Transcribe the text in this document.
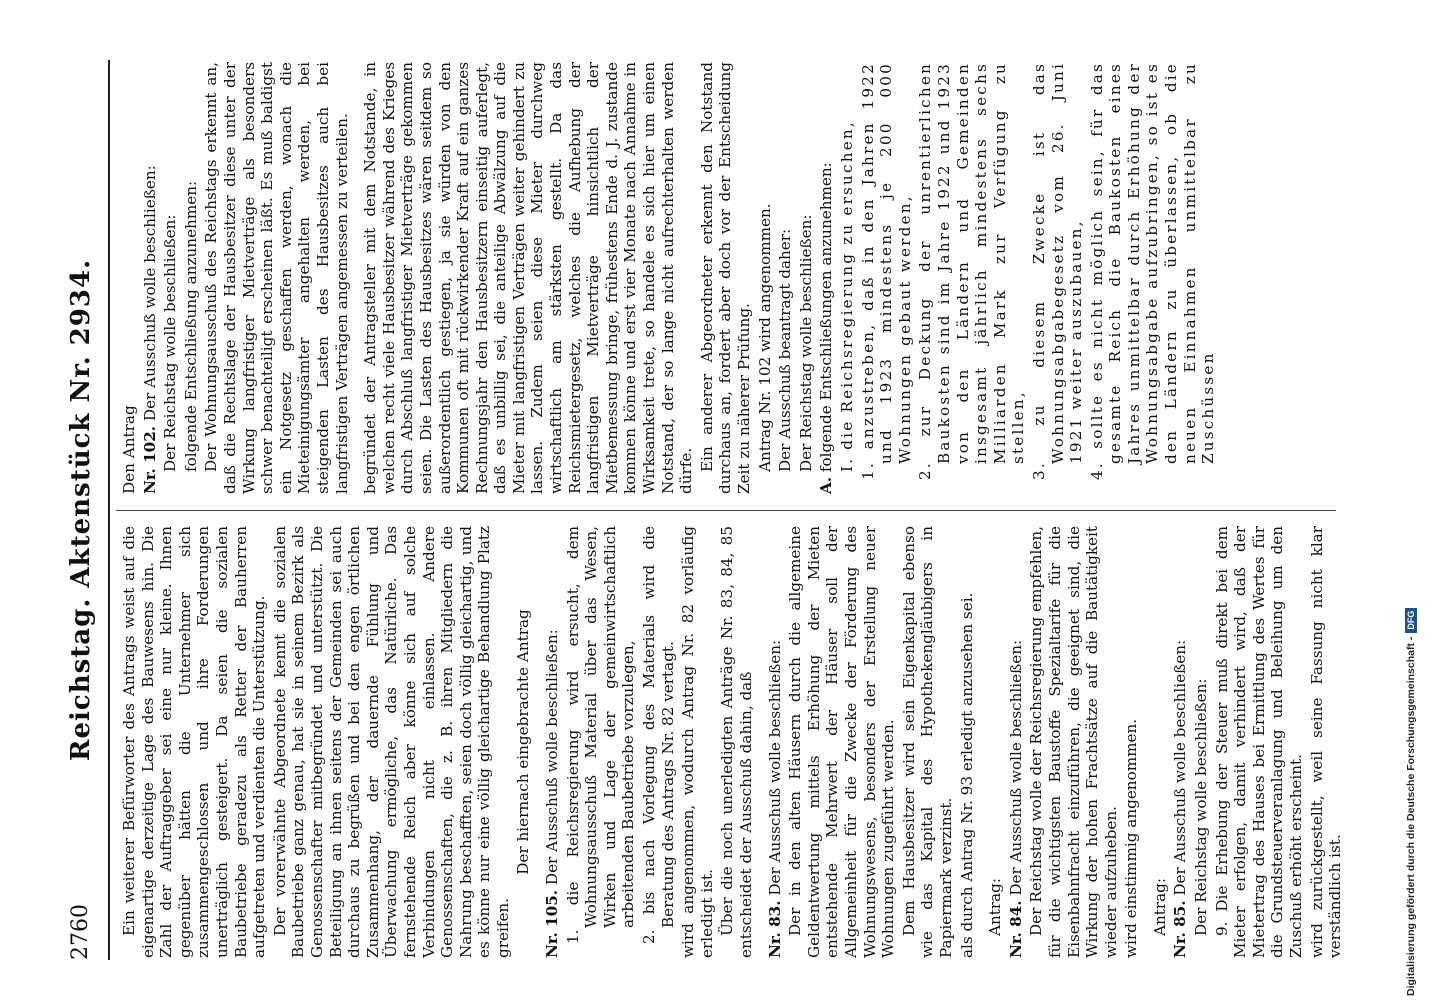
2760
Reichstag. Aktenstück Nr. 2934. Ein weiterer Befürworter des Antrags weist auf die eigenartige derzeitige Lage des Bauwesens hin. Die Zahl der Auftraggeber sei eine nur kleine. Ihnen gegenüber hätten die Unternehmer sich zusammengeschlossen und ihre Forderungen unerträglich gesteigert. Da seien die sozialen Baubetriebe geradezu als Retter der Bauherren aufgetreten und verdienten die Unterstützung. Der vorerwähnte Abgeordnete kennt die sozialen Baubetriebe ganz genau, hat sie in seinem Bezirk als Genossenschafter mitbegründet und unterstützt. Die Beteiligung an ihnen seitens der Gemeinden sei auch durchaus zu begrüßen und bei den engen örtlichen Zusammenhang, der dauernde Fühlung und Überwachung ermögliche, das Natürliche. Das fernstehende Reich aber könne sich auf solche Verbindungen nicht einlassen. Andere Genossenschaften, die z. B. ihren Mitgliedern die Nahrung beschafften, seien doch völlig gleichartig, und es könne nur eine völlig gleichartige Behandlung Platz greifen.

Der hiernach eingebrachte Antrag

Nr. 105. Der Ausschuß wolle beschließen: 1. die Reichsregierung wird ersucht, dem Wohnungsausschuß Material über das Wesen, Wirken und Lage der gemeinwirtschaftlich arbeitenden Baubetriebe vorzulegen, 2. bis nach Vorlegung des Materials wird die Beratung des Antrags Nr. 82 vertagt. wird angenommen, wodurch Antrag Nr. 82 vorläufig erledigt ist. Über die noch unerledigten Anträge Nr. 83, 84, 85 entscheidet der Ausschuß dahin, daß Nr. 83. Der Ausschuß wolle beschließen: Der in den alten Häusern durch die allgemeine Geldentwertung mittels Erhöhung der Mieten entstehende Mehrwert der Häuser soll der Allgemeinheit für die Zwecke der Förderung des Wohnungswesens, besonders der Erstellung neuer Wohnungen zugeführt werden. Dem Hausbesitzer wird sein Eigenkapital ebenso wie das Kapital des Hypothekengläubigers in Papiermark verzinst. als durch Antrag Nr. 93 erledigt anzusehen sei. Antrag: Nr. 84. Der Ausschuß wolle beschließen: Der Reichstag wolle der Reichsregierung empfehlen, für die wichtigsten Baustoffe Spezialtarife für die Eisenbahnfracht einzuführen, die geeignet sind, die Wirkung der hohen Frachtsätze auf die Bautätigkeit wieder aufzuheben. wird einstimmig angenommen. Antrag: Nr. 85. Der Ausschuß wolle beschließen: Der Reichstag wolle beschließen: 9. Die Erhebung der Steuer muß direkt bei dem Mieter erfolgen, damit verhindert wird, daß der Mietertrag des Hauses bei Ermittlung des Wertes für die Grundsteuerveranlagung und Beleihung um den Zuschuß erhöht erscheint. wird zurückgestellt, weil seine Fassung nicht klar verständlich ist.

Den Antrag Nr. 102. Der Ausschuß wolle beschließen: Der Reichstag wolle beschließen: folgende Entschließung anzunehmen: Der Wohnungsausschuß des Reichstags erkennt an, daß die Rechtslage der Hausbesitzer diese unter der Wirkung langfristiger Mietverträge als besonders schwer benachteiligt erscheinen läßt. Es muß baldigst ein Notgesetz geschaffen werden, wonach die Mieteinigungsämter angehalten werden, bei steigenden Lasten des Hausbesitzes auch bei langfristigen Verträgen angemessen zu verteilen. begründet der Antragsteller mit dem Notstande, in welchen recht viele Hausbesitzer während des Krieges durch Abschluß langfristiger Mietverträge gekommen seien. Die Lasten des Hausbesitzes wären seitdem so außerordentlich gestiegen, ja sie würden von den Kommunen oft mit rückwirkender Kraft auf ein ganzes Rechnungsjahr den Hausbesitzern einseitig auferlegt, daß es unbillig sei, die anteilige Abwälzung auf die Mieter mit langfristigen Verträgen weiter gehindert zu lassen. Zudem seien diese Mieter durchweg wirtschaftlich am stärksten gestellt. Da das Reichsmietergesetz, welches die Aufhebung der langfristigen Mietverträge hinsichtlich der Mietbemessung bringe, frühestens Ende d. J. zustande kommen könne und erst vier Monate nach Annahme in Wirksamkeit trete, so handele es sich hier um einen Notstand, der so lange nicht aufrechterhalten werden dürfe. Ein anderer Abgeordneter erkennt den Notstand durchaus an, fordert aber doch vor der Entscheidung Zeit zu näherer Prüfung. Antrag Nr. 102 wird angenommen. Der Ausschuß beantragt daher: Der Reichstag wolle beschließen:

A. folgende Entschließungen anzunehmen: I. die Reichsregierung zu ersuchen, 1. anzustreben, daß in den Jahren 1922 und 1923 mindestens je 200 000 Wohnungen gebaut werden, 2. zur Deckung der unrentierlichen Baukosten sind im Jahre 1922 und 1923 von den Ländern und Gemeinden insgesamt jährlich mindestens sechs Milliarden Mark zur Verfügung zu stellen, 3. zu diesem Zwecke ist das Wohnungsabgabegesetz vom 26. Juni 1921 weiter auszubauen, 4. sollte es nicht möglich sein, für das gesamte Reich die Baukosten eines Jahres unmittelbar durch Erhöhung der Wohnungsabgabe aufzubringen, so ist es den Ländern zu überlassen, ob die neuen Einnahmen unmittelbar zu Zuschüssen

Digitalisierung gefördert durch die Deutsche Forschungsgemeinschaft -DFG
